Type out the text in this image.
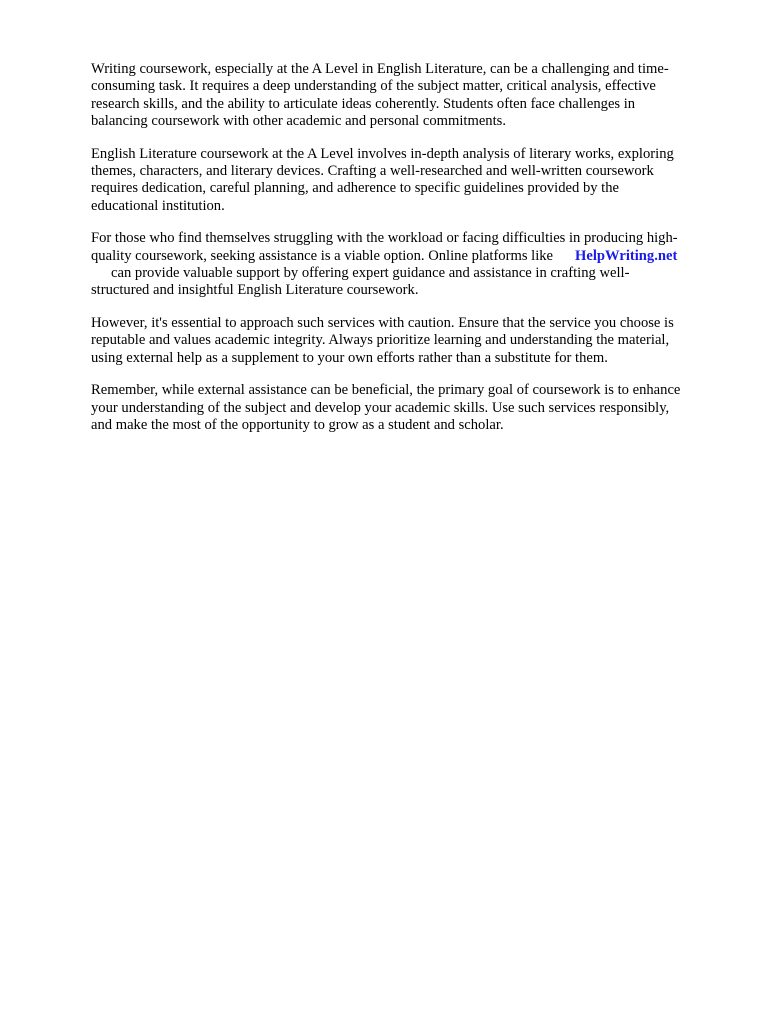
Writing coursework, especially at the A Level in English Literature, can be a challenging and time-
consuming task. It requires a deep understanding of the subject matter, critical analysis, effective
research skills, and the ability to articulate ideas coherently. Students often face challenges in
balancing coursework with other academic and personal commitments.
English Literature coursework at the A Level involves in-depth analysis of literary works, exploring
themes, characters, and literary devices. Crafting a well-researched and well-written coursework
requires dedication, careful planning, and adherence to specific guidelines provided by the
educational institution.
For those who find themselves struggling with the workload or facing difficulties in producing high-
quality coursework, seeking assistance is a viable option. Online platforms like HelpWriting.net
can provide valuable support by offering expert guidance and assistance in crafting well-
structured and insightful English Literature coursework.
However, it's essential to approach such services with caution. Ensure that the service you choose is
reputable and values academic integrity. Always prioritize learning and understanding the material,
using external help as a supplement to your own efforts rather than a substitute for them.
Remember, while external assistance can be beneficial, the primary goal of coursework is to enhance
your understanding of the subject and develop your academic skills. Use such services responsibly,
and make the most of the opportunity to grow as a student and scholar.
